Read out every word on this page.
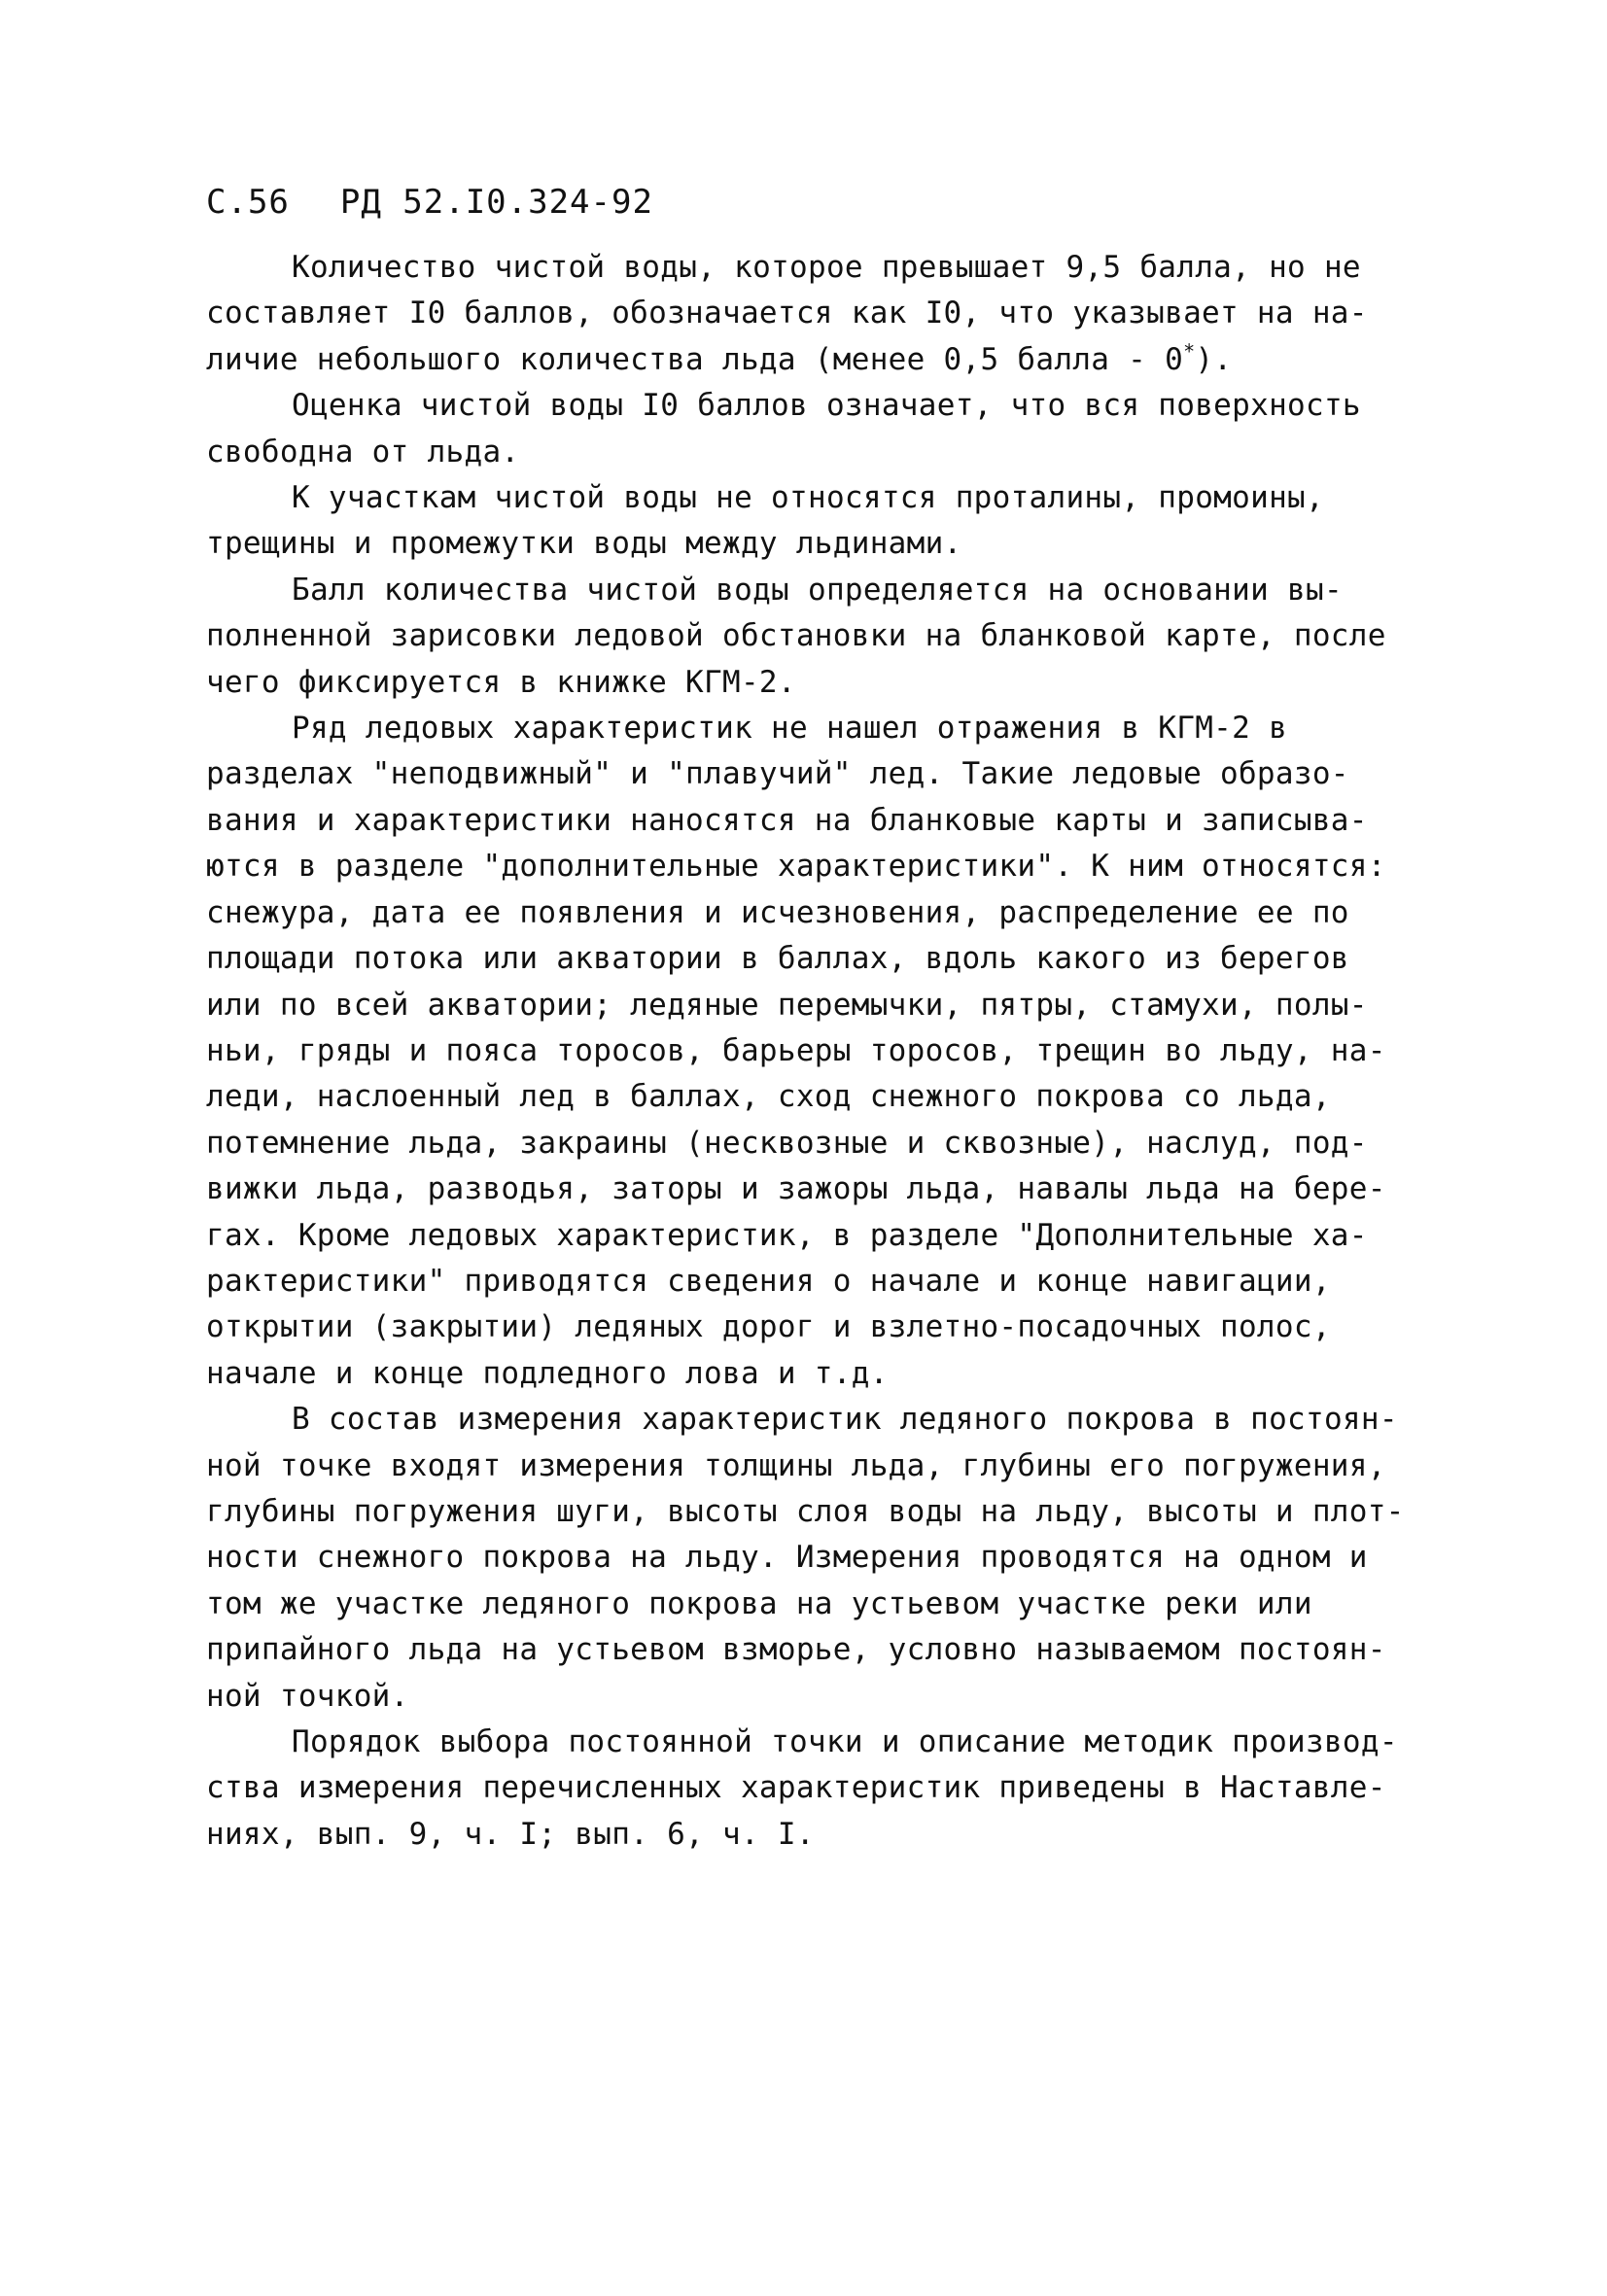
С.56 РД 52.I0.324-92

Количество чистой воды, которое превышает 9,5 балла, но не
составляет I0 баллов, обозначается как I0, что указывает на на-
личие небольшого количества льда (менее 0,5 балла - 0*).

Оценка чистой воды I0 баллов означает, что вся поверхность
свободна от льда.

К участкам чистой воды не относятся проталины, промоины,
трещины и промежутки воды между льдинами.

Балл количества чистой воды определяется на основании вы-
полненной зарисовки ледовой обстановки на бланковой карте, после
чего фиксируется в книжке КГМ-2.

Ряд ледовых характеристик не нашел отражения в КГМ-2 в
разделах "неподвижный" и "плавучий" лед. Такие ледовые образо-
вания и характеристики наносятся на бланковые карты и записыва-
ются в разделе "дополнительные характеристики". К ним относятся:
снежура, дата ее появления и исчезновения, распределение ее по
площади потока или акватории в баллах, вдоль какого из берегов
или по всей акватории; ледяные перемычки, пятры, стамухи, полы-
ньи, гряды и пояса торосов, барьеры торосов, трещин во льду, на-
леди, наслоенный лед в баллах, сход снежного покрова со льда,
потемнение льда, закраины (несквозные и сквозные), наслуд, под-
вижки льда, разводья, заторы и зажоры льда, навалы льда на бере-
гах. Кроме ледовых характеристик, в разделе "Дополнительные ха-
рактеристики" приводятся сведения о начале и конце навигации,
открытии (закрытии) ледяных дорог и взлетно-посадочных полос,
начале и конце подледного лова и т.д.

В состав измерения характеристик ледяного покрова в постоян-
ной точке входят измерения толщины льда, глубины его погружения,
глубины погружения шуги, высоты слоя воды на льду, высоты и плот-
ности снежного покрова на льду. Измерения проводятся на одном и
том же участке ледяного покрова на устьевом участке реки или
припайного льда на устьевом взморье, условно называемом постоян-
ной точкой.

Порядок выбора постоянной точки и описание методик производ-
ства измерения перечисленных характеристик приведены в Наставле-
ниях, вып. 9, ч. I; вып. 6, ч. I.
